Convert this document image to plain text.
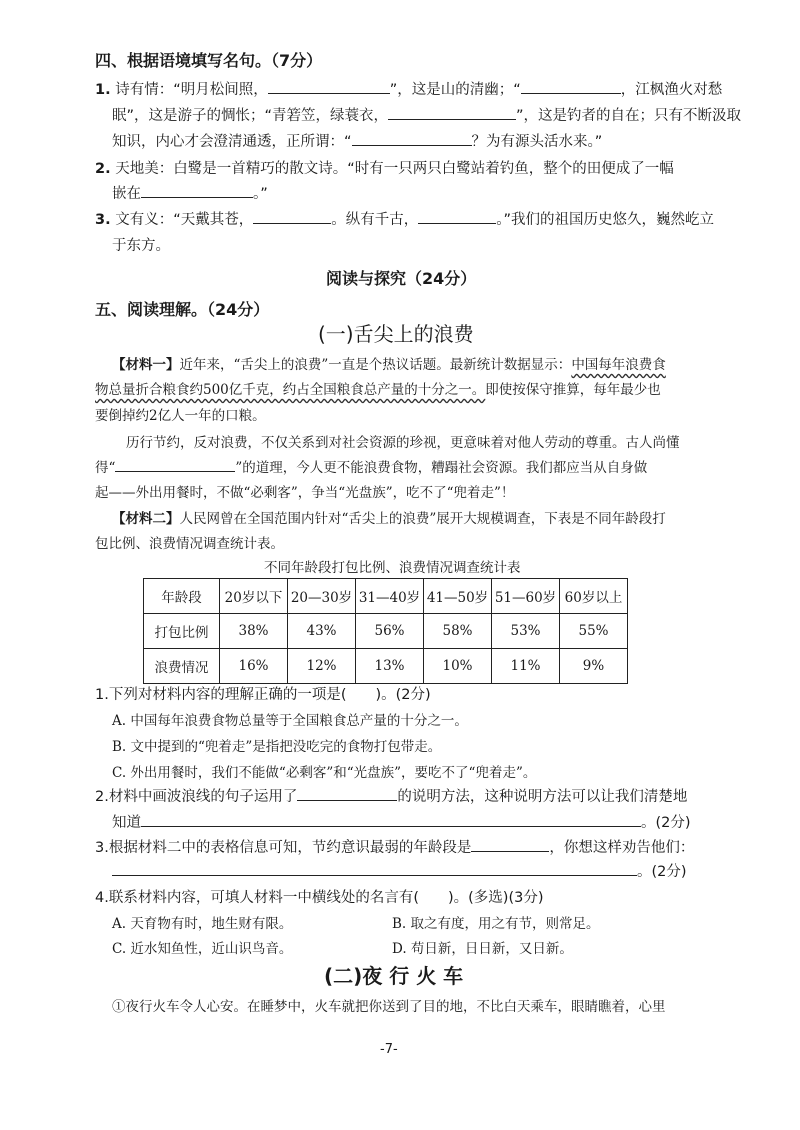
四、根据语境填写名句。（7分）
1. 诗有情：“明月松间照，	”，这是山的清幽；“	，江枫渔火对愁
眠”，这是游子的惆怅；“青箬笠，绿蓑衣，	”，这是钓者的自在；只有不断汲取
知识，内心才会澄清通透，正所谓：“	？为有源头活水来。”
2. 天地美：白鹭是一首精巧的散文诗。“时有一只两只白鹭站着钓鱼，整个的田便成了一幅
嵌在	。”
3. 文有义：“天戴其苍，	。纵有千古，	。”我们的祖国历史悠久，巍然屹立
于东方。
阅读与探究（24分）
五、阅读理解。（24分）
(一)舌尖上的浪费
【材料一】近年来，“舌尖上的浪费”一直是个热议话题。最新统计数据显示：中国每年浪费食
物总量折合粮食约500亿千克，约占全国粮食总产量的十分之一。即使按保守推算，每年最少也
要倒掉约2亿人一年的口粮。
历行节约，反对浪费，不仅关系到对社会资源的珍视，更意味着对他人劳动的尊重。古人尚懂
得“	”的道理，今人更不能浪费食物，糟蹋社会资源。我们都应当从自身做
起——外出用餐时，不做“必剩客”，争当“光盘族”，吃不了“兜着走”！
【材料二】人民网曾在全国范围内针对“舌尖上的浪费”展开大规模调查，下表是不同年龄段打
包比例、浪费情况调查统计表。
不同年龄段打包比例、浪费情况调查统计表
年龄段	20岁以下	20—30岁	31—40岁	41—50岁	51—60岁	60岁以上
打包比例	38%	43%	56%	58%	53%	55%
浪费情况	16%	12%	13%	10%	11%	9%
1.下列对材料内容的理解正确的一项是(　　)。(2分)
A. 中国每年浪费食物总量等于全国粮食总产量的十分之一。
B. 文中提到的“兜着走”是指把没吃完的食物打包带走。
C. 外出用餐时，我们不能做“必剩客”和“光盘族”，要吃不了“兜着走”。
2.材料中画波浪线的句子运用了	的说明方法，这种说明方法可以让我们清楚地
知道	。(2分)
3.根据材料二中的表格信息可知，节约意识最弱的年龄段是	，你想这样劝告他们：
。(2分)
4.联系材料内容，可填人材料一中横线处的名言有(　　)。(多选)(3分)
A. 天育物有时，地生财有限。	B. 取之有度，用之有节，则常足。
C. 近水知鱼性，近山识鸟音。	D. 苟日新，日日新，又日新。
(二)夜 行 火 车
①夜行火车令人心安。在睡梦中，火车就把你送到了目的地，不比白天乘车，眼睛瞧着，心里
-7-
